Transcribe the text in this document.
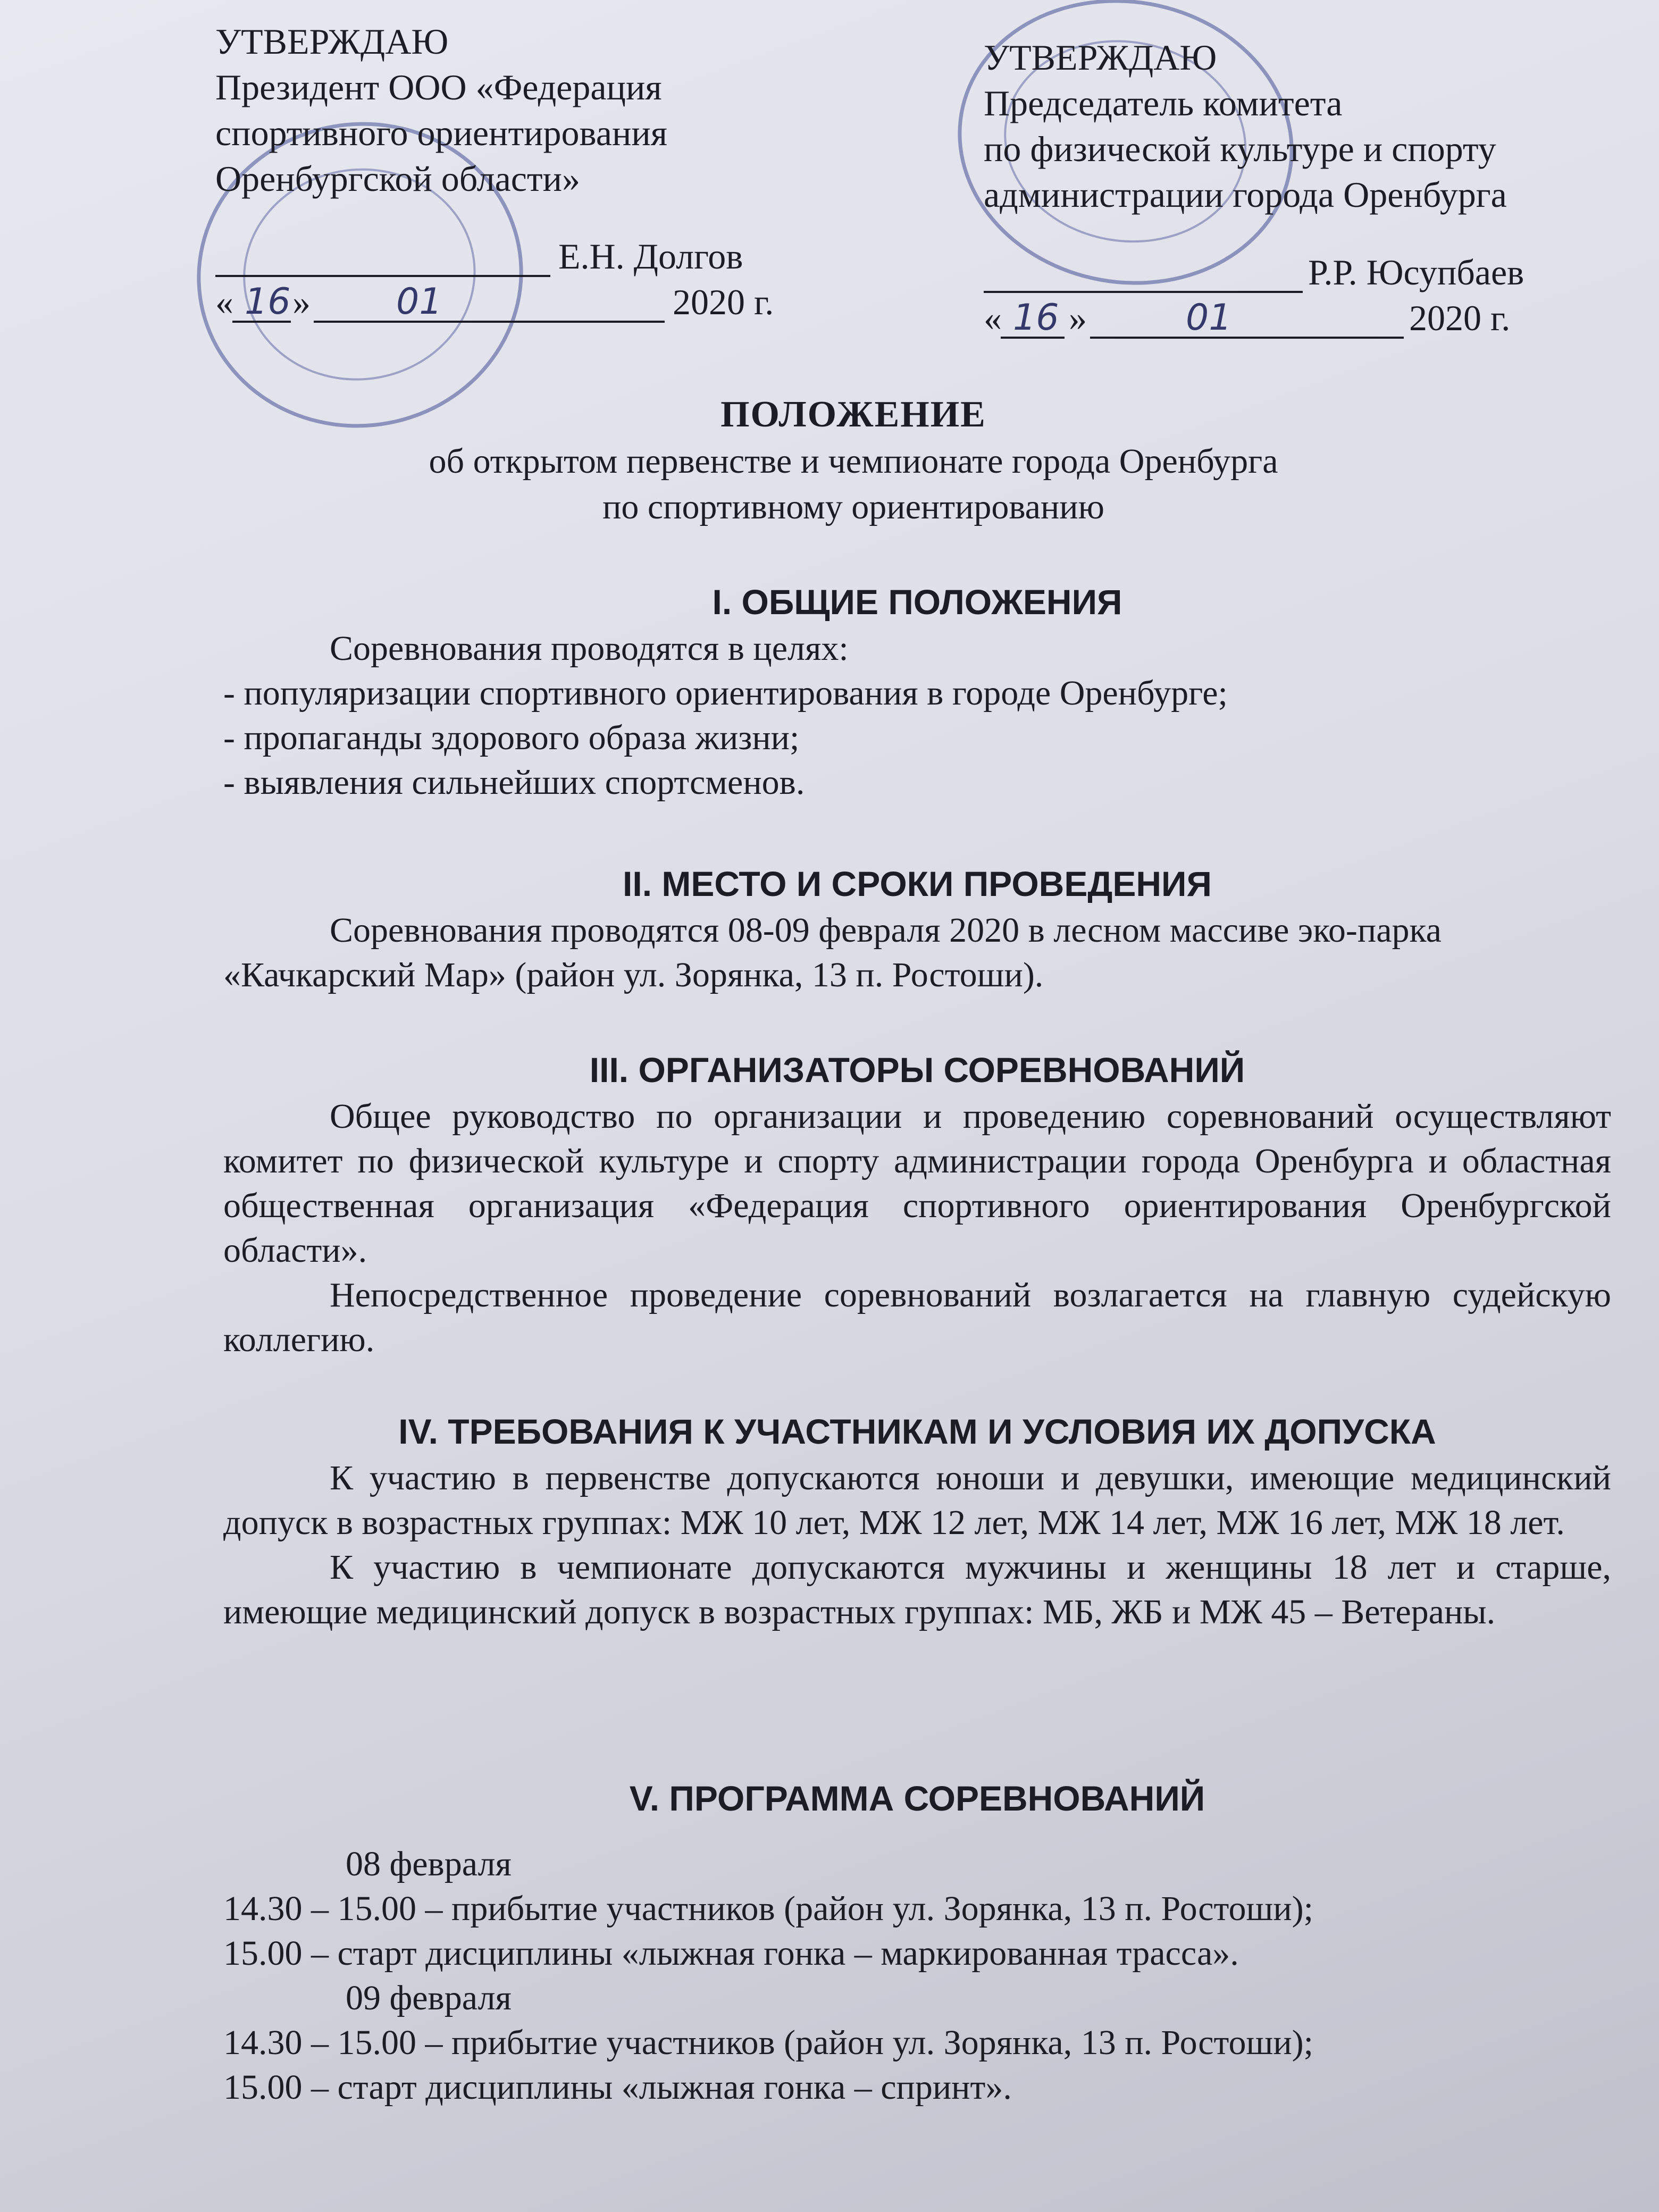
УТВЕРЖДАЮ
Президент ООО «Федерация
спортивного ориентирования
Оренбургской области»
Е.Н. Долгов
« 16 » 01	2020 г.
УТВЕРЖДАЮ
Председатель комитета
по физической культуре и спорту
администрации города Оренбурга
Р.Р. Юсупбаев
« 16 »	01	2020 г.
ПОЛОЖЕНИЕ
об открытом первенстве и чемпионате города Оренбурга
по спортивному ориентированию
I. ОБЩИЕ ПОЛОЖЕНИЯ
Соревнования проводятся в целях:
- популяризации спортивного ориентирования в городе Оренбурге;
- пропаганды здорового образа жизни;
- выявления сильнейших спортсменов.
II. МЕСТО И СРОКИ ПРОВЕДЕНИЯ
Соревнования проводятся 08-09 февраля 2020 в лесном массиве эко-парка «Качкарский Мар» (район ул. Зорянка, 13 п. Ростоши).
III. ОРГАНИЗАТОРЫ СОРЕВНОВАНИЙ
Общее руководство по организации и проведению соревнований осуществляют комитет по физической культуре и спорту администрации города Оренбурга и областная общественная организация «Федерация спортивного ориентирования Оренбургской области».
Непосредственное проведение соревнований возлагается на главную судейскую коллегию.
IV. ТРЕБОВАНИЯ К УЧАСТНИКАМ И УСЛОВИЯ ИХ ДОПУСКА
К участию в первенстве допускаются юноши и девушки, имеющие медицинский допуск в возрастных группах: МЖ 10 лет, МЖ 12 лет, МЖ 14 лет, МЖ 16 лет, МЖ 18 лет.
К участию в чемпионате допускаются мужчины и женщины 18 лет и старше, имеющие медицинский допуск в возрастных группах: МБ, ЖБ и МЖ 45 – Ветераны.
V. ПРОГРАММА СОРЕВНОВАНИЙ
08 февраля
14.30 – 15.00 – прибытие участников (район ул. Зорянка, 13 п. Ростоши);
15.00 – старт дисциплины «лыжная гонка – маркированная трасса».
09 февраля
14.30 – 15.00 – прибытие участников (район ул. Зорянка, 13 п. Ростоши);
15.00 – старт дисциплины «лыжная гонка – спринт».
